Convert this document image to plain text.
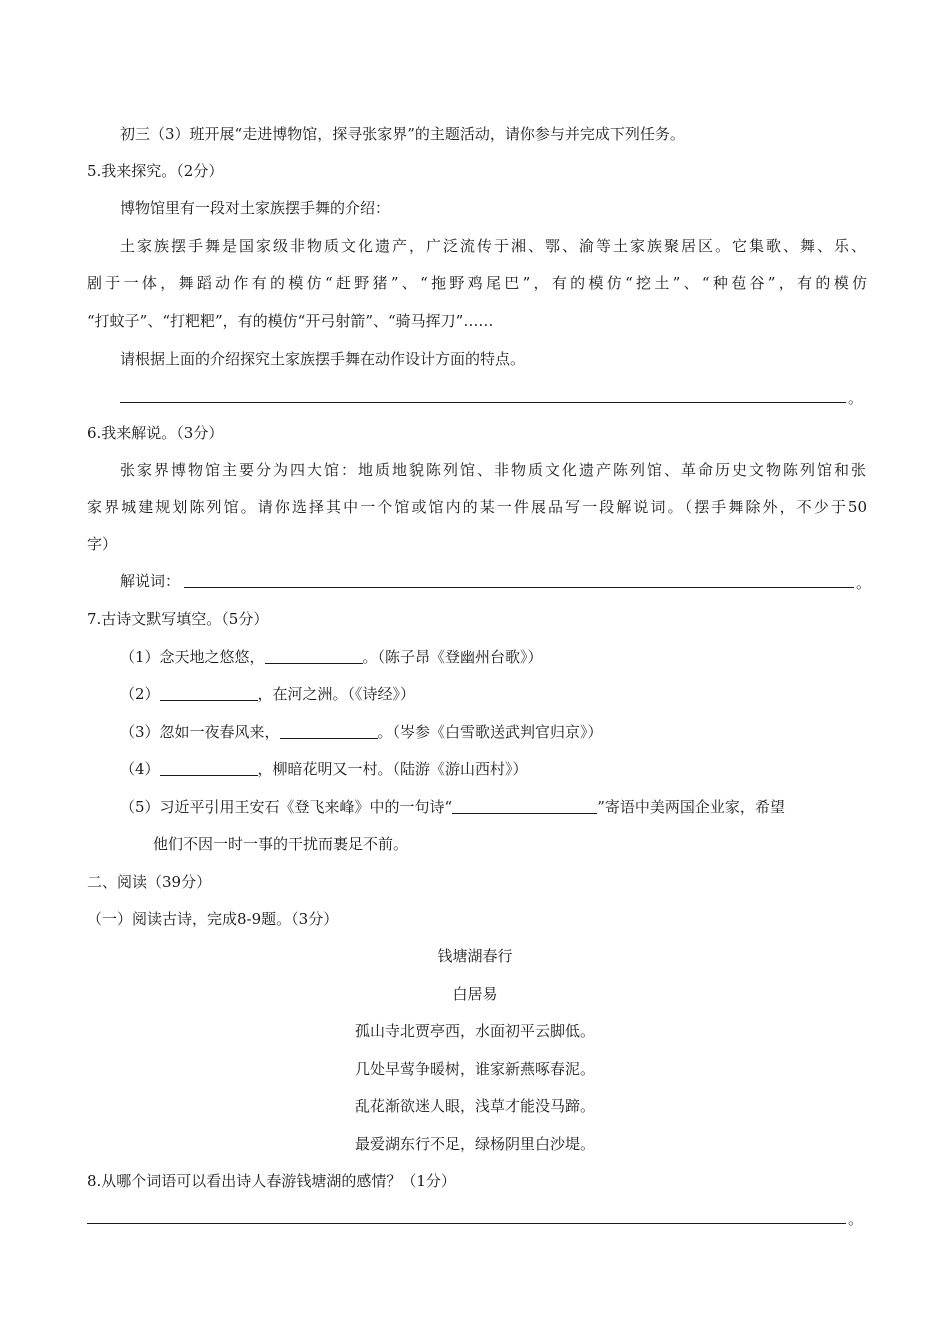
初三（3）班开展“走进博物馆，探寻张家界”的主题活动，请你参与并完成下列任务。
5.我来探究。（2分）
博物馆里有一段对土家族摆手舞的介绍：
土家族摆手舞是国家级非物质文化遗产，广泛流传于湘、鄂、渝等土家族聚居区。它集歌、舞、乐、
剧于一体，舞蹈动作有的模仿“赶野猪”、“拖野鸡尾巴”，有的模仿“挖土”、“种苞谷”，有的模仿
“打蚊子”、“打粑粑”，有的模仿“开弓射箭”、“骑马挥刀”……
请根据上面的介绍探究土家族摆手舞在动作设计方面的特点。
。
6.我来解说。（3分）
张家界博物馆主要分为四大馆：地质地貌陈列馆、非物质文化遗产陈列馆、革命历史文物陈列馆和张
家界城建规划陈列馆。请你选择其中一个馆或馆内的某一件展品写一段解说词。（摆手舞除外，不少于50
字）
解说词：	。
7.古诗文默写填空。（5分）
（1）念天地之悠悠，	。（陈子昂《登幽州台歌》）
（2）	，在河之洲。（《诗经》）
（3）忽如一夜春风来，	。（岑参《白雪歌送武判官归京》）
（4）	，柳暗花明又一村。（陆游《游山西村》）
（5）习近平引用王安石《登飞来峰》中的一句诗“	”寄语中美两国企业家，希望
他们不因一时一事的干扰而裹足不前。
二、阅读（39分）
（一）阅读古诗，完成8-9题。（3分）
钱塘湖春行
白居易
孤山寺北贾亭西，水面初平云脚低。
几处早莺争暖树，谁家新燕啄春泥。
乱花渐欲迷人眼，浅草才能没马蹄。
最爱湖东行不足，绿杨阴里白沙堤。
8.从哪个词语可以看出诗人春游钱塘湖的感情？（1分）
。
